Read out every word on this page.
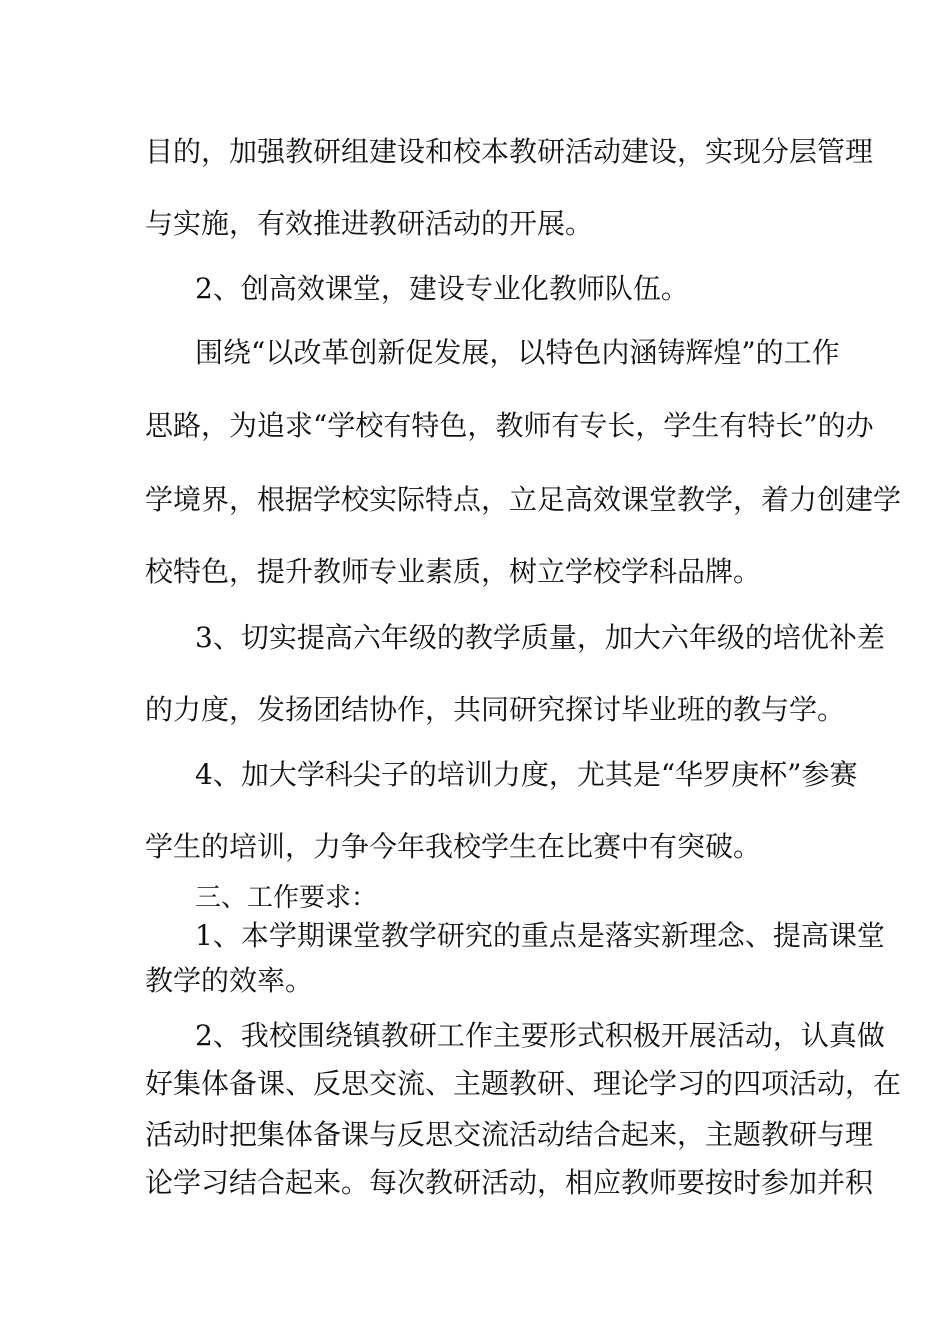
目的，加强教研组建设和校本教研活动建设，实现分层管理
与实施，有效推进教研活动的开展。
2、创高效课堂，建设专业化教师队伍。
围绕“以改革创新促发展，以特色内涵铸辉煌”的工作
思路，为追求“学校有特色，教师有专长，学生有特长”的办
学境界，根据学校实际特点，立足高效课堂教学，着力创建学
校特色，提升教师专业素质，树立学校学科品牌。
3、切实提高六年级的教学质量，加大六年级的培优补差
的力度，发扬团结协作，共同研究探讨毕业班的教与学。
4、加大学科尖子的培训力度，尤其是“华罗庚杯”参赛
学生的培训，力争今年我校学生在比赛中有突破。
三、工作要求：
1、本学期课堂教学研究的重点是落实新理念、提高课堂
教学的效率。
2、我校围绕镇教研工作主要形式积极开展活动，认真做
好集体备课、反思交流、主题教研、理论学习的四项活动，在
活动时把集体备课与反思交流活动结合起来，主题教研与理
论学习结合起来。每次教研活动，相应教师要按时参加并积
